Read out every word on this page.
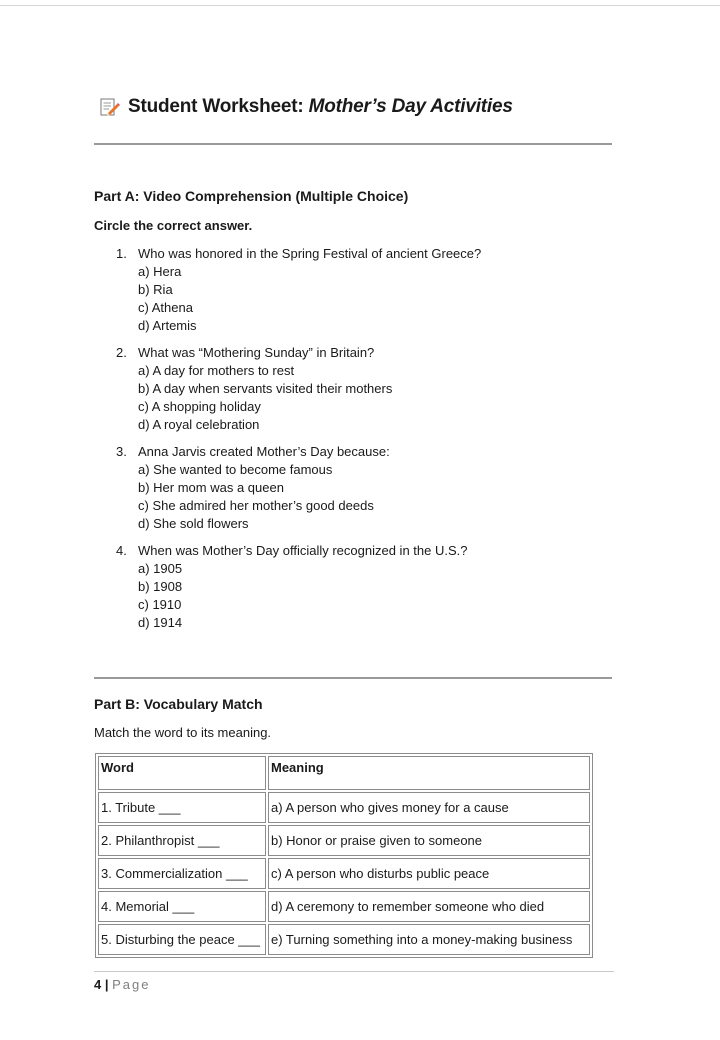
Student Worksheet: Mother’s Day Activities
Part A: Video Comprehension (Multiple Choice)
Circle the correct answer.
1. Who was honored in the Spring Festival of ancient Greece?
a) Hera
b) Ria
c) Athena
d) Artemis
2. What was “Mothering Sunday” in Britain?
a) A day for mothers to rest
b) A day when servants visited their mothers
c) A shopping holiday
d) A royal celebration
3. Anna Jarvis created Mother’s Day because:
a) She wanted to become famous
b) Her mom was a queen
c) She admired her mother’s good deeds
d) She sold flowers
4. When was Mother’s Day officially recognized in the U.S.?
a) 1905
b) 1908
c) 1910
d) 1914
Part B: Vocabulary Match
Match the word to its meaning.
Word	Meaning
1. Tribute ___	a) A person who gives money for a cause
2. Philanthropist ___	b) Honor or praise given to someone
3. Commercialization ___	c) A person who disturbs public peace
4. Memorial ___	d) A ceremony to remember someone who died
5. Disturbing the peace ___	e) Turning something into a money-making business
4 | Page
